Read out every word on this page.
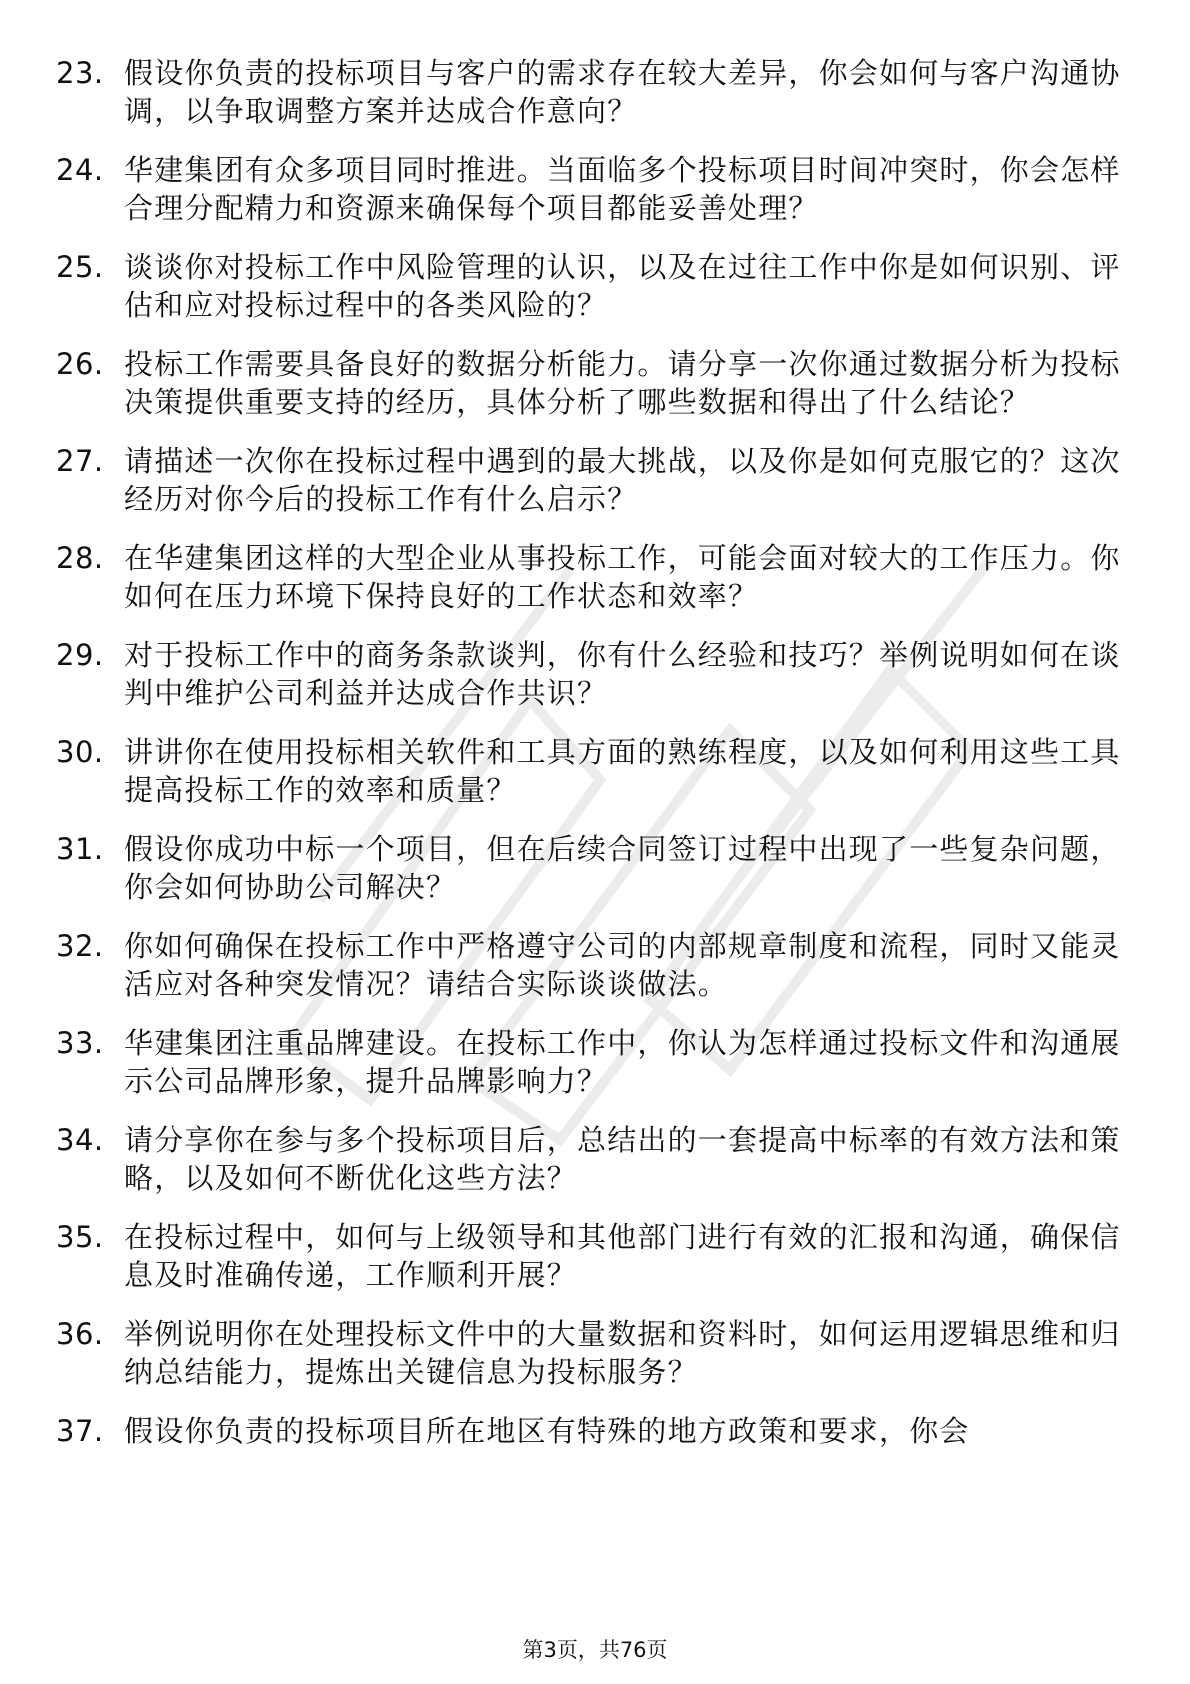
23. 假设你负责的投标项目与客户的需求存在较大差异，你会如何与客户沟通协调，以争取调整方案并达成合作意向？
24. 华建集团有众多项目同时推进。当面临多个投标项目时间冲突时，你会怎样合理分配精力和资源来确保每个项目都能妥善处理？
25. 谈谈你对投标工作中风险管理的认识，以及在过往工作中你是如何识别、评估和应对投标过程中的各类风险的？
26. 投标工作需要具备良好的数据分析能力。请分享一次你通过数据分析为投标决策提供重要支持的经历，具体分析了哪些数据和得出了什么结论？
27. 请描述一次你在投标过程中遇到的最大挑战，以及你是如何克服它的？这次经历对你今后的投标工作有什么启示？
28. 在华建集团这样的大型企业从事投标工作，可能会面对较大的工作压力。你如何在压力环境下保持良好的工作状态和效率？
29. 对于投标工作中的商务条款谈判，你有什么经验和技巧？举例说明如何在谈判中维护公司利益并达成合作共识？
30. 讲讲你在使用投标相关软件和工具方面的熟练程度，以及如何利用这些工具提高投标工作的效率和质量？
31. 假设你成功中标一个项目，但在后续合同签订过程中出现了一些复杂问题，你会如何协助公司解决？
32. 你如何确保在投标工作中严格遵守公司的内部规章制度和流程，同时又能灵活应对各种突发情况？请结合实际谈谈做法。
33. 华建集团注重品牌建设。在投标工作中，你认为怎样通过投标文件和沟通展示公司品牌形象，提升品牌影响力？
34. 请分享你在参与多个投标项目后，总结出的一套提高中标率的有效方法和策略，以及如何不断优化这些方法？
35. 在投标过程中，如何与上级领导和其他部门进行有效的汇报和沟通，确保信息及时准确传递，工作顺利开展？
36. 举例说明你在处理投标文件中的大量数据和资料时，如何运用逻辑思维和归纳总结能力，提炼出关键信息为投标服务？
37. 假设你负责的投标项目所在地区有特殊的地方政策和要求，你会
第3页，共76页
